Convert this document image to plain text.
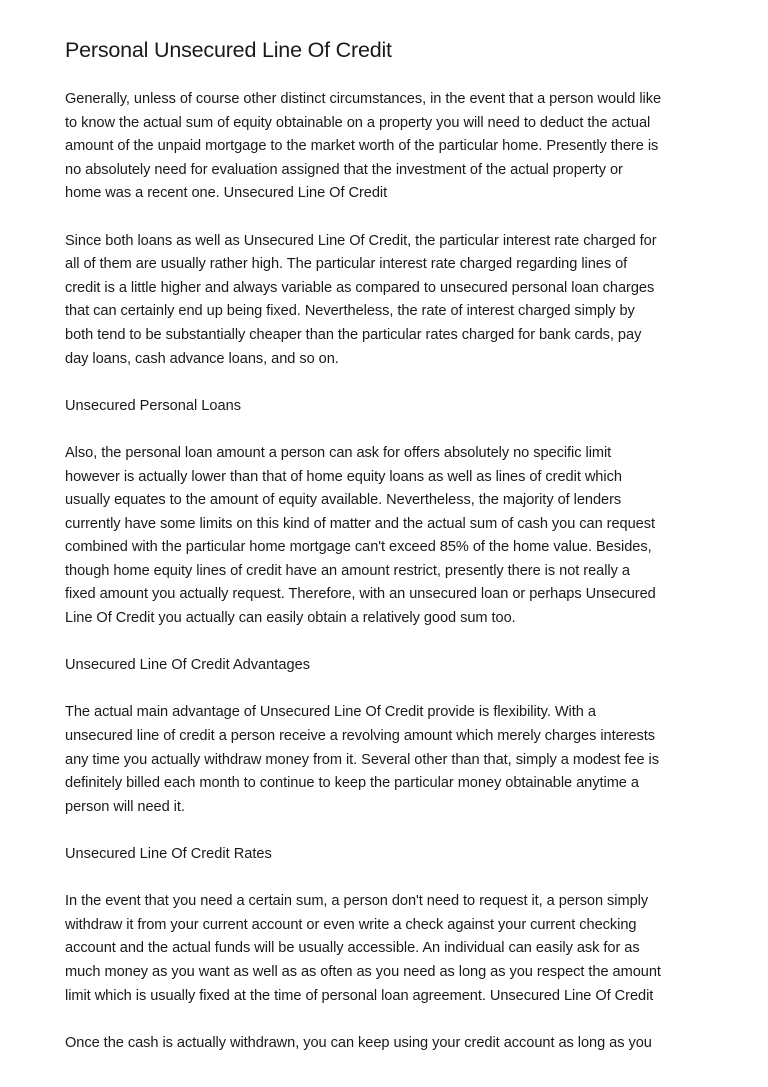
Personal Unsecured Line Of Credit
Generally, unless of course other distinct circumstances, in the event that a person would like
to know the actual sum of equity obtainable on a property you will need to deduct the actual
amount of the unpaid mortgage to the market worth of the particular home. Presently there is
no absolutely need for evaluation assigned that the investment of the actual property or
home was a recent one. Unsecured Line Of Credit
Since both loans as well as Unsecured Line Of Credit, the particular interest rate charged for
all of them are usually rather high. The particular interest rate charged regarding lines of
credit is a little higher and always variable as compared to unsecured personal loan charges
that can certainly end up being fixed. Nevertheless, the rate of interest charged simply by
both tend to be substantially cheaper than the particular rates charged for bank cards, pay
day loans, cash advance loans, and so on.
Unsecured Personal Loans
Also, the personal loan amount a person can ask for offers absolutely no specific limit
however is actually lower than that of home equity loans as well as lines of credit which
usually equates to the amount of equity available. Nevertheless, the majority of lenders
currently have some limits on this kind of matter and the actual sum of cash you can request
combined with the particular home mortgage can't exceed 85% of the home value. Besides,
though home equity lines of credit have an amount restrict, presently there is not really a
fixed amount you actually request. Therefore, with an unsecured loan or perhaps Unsecured
Line Of Credit you actually can easily obtain a relatively good sum too.
Unsecured Line Of Credit Advantages
The actual main advantage of Unsecured Line Of Credit provide is flexibility. With a
unsecured line of credit a person receive a revolving amount which merely charges interests
any time you actually withdraw money from it. Several other than that, simply a modest fee is
definitely billed each month to continue to keep the particular money obtainable anytime a
person will need it.
Unsecured Line Of Credit Rates
In the event that you need a certain sum, a person don't need to request it, a person simply
withdraw it from your current account or even write a check against your current checking
account and the actual funds will be usually accessible. An individual can easily ask for as
much money as you want as well as as often as you need as long as you respect the amount
limit which is usually fixed at the time of personal loan agreement. Unsecured Line Of Credit
Once the cash is actually withdrawn, you can keep using your credit account as long as you
